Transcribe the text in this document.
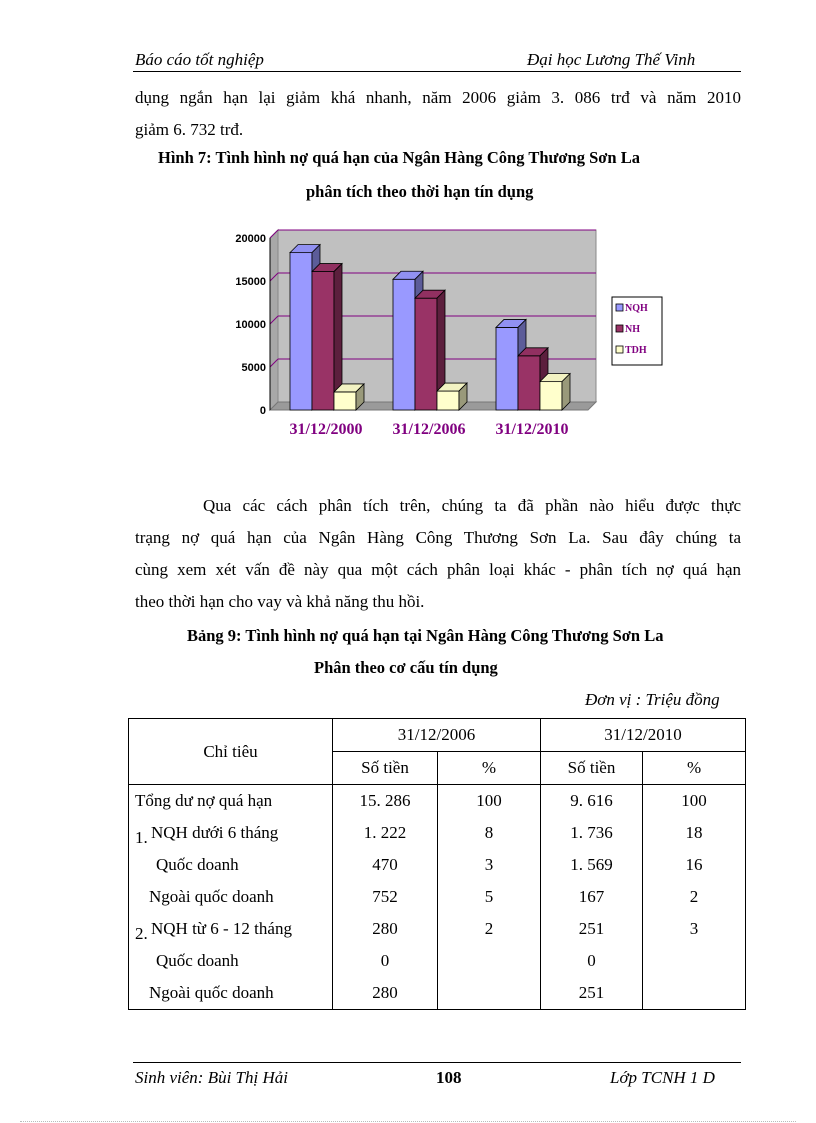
Báo cáo tốt nghiệp	Đại học Lương Thế Vinh
dụng ngắn hạn lại giảm khá nhanh, năm 2006 giảm 3. 086 trđ và năm 2010
giảm 6. 732 trđ.
Hình 7: Tình hình nợ quá hạn của Ngân Hàng Công Thương Sơn La
phân tích theo thời hạn tín dụng
0
5000
10000
15000
20000
31/12/2000 31/12/2006 31/12/2010
NQH
NH
TDH
Qua các cách phân tích trên, chúng ta đã phần nào hiểu được thực
trạng nợ quá hạn của Ngân Hàng Công Thương Sơn La. Sau đây chúng ta
cùng xem xét vấn đề này qua một cách phân loại khác - phân tích nợ quá hạn
theo thời hạn cho vay và khả năng thu hồi.
Bảng 9: Tình hình nợ quá hạn tại Ngân Hàng Công Thương Sơn La
Phân theo cơ cấu tín dụng
Đơn vị : Triệu đồng
Chỉ tiêu	31/12/2006		31/12/2010	
	Số tiền	%	Số tiền	%
Tổng dư nợ quá hạn	15. 286	100	9. 616	100
1. NQH dưới 6 tháng	1. 222	8	1. 736	18
Quốc doanh	470	3	1. 569	16
Ngoài quốc doanh	752	5	167	2
2. NQH từ 6 - 12 tháng	280	2	251	3
Quốc doanh	0		0	
Ngoài quốc doanh	280		251	
Sinh viên: Bùi Thị Hải	108	Lớp TCNH 1 D
